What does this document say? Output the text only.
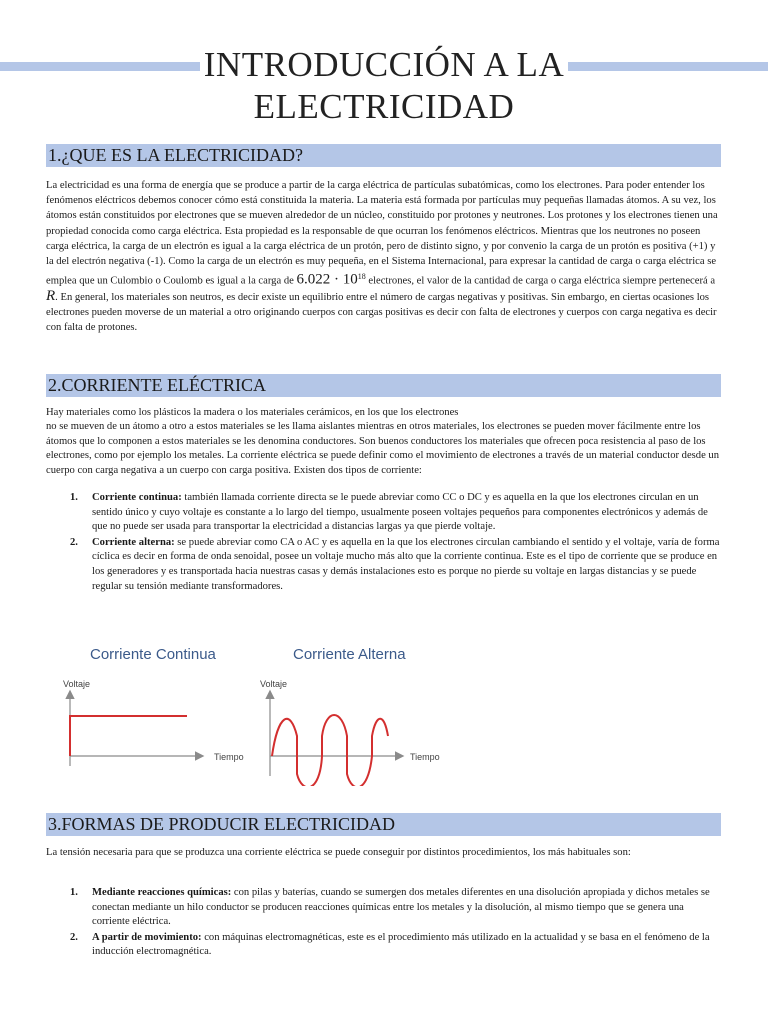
INTRODUCCIÓN A LA
ELECTRICIDAD
1.¿QUE ES LA ELECTRICIDAD?
La electricidad es una forma de energía que se produce a partir de la carga eléctrica de partículas subatómicas, como los electrones. Para poder entender los fenómenos eléctricos debemos conocer cómo está constituida la materia. La materia está formada por partículas muy pequeñas llamadas átomos. A su vez, los átomos están constituidos por electrones que se mueven alrededor de un núcleo, constituido por protones y neutrones. Los protones y los electrones tienen una propiedad conocida como carga eléctrica. Esta propiedad es la responsable de que ocurran los fenómenos eléctricos. Mientras que los neutrones no poseen carga eléctrica, la carga de un electrón es igual a la carga eléctrica de un protón, pero de distinto signo, y por convenio la carga de un protón es positiva (+1) y la del electrón negativa (-1). Como la carga de un electrón es muy pequeña, en el Sistema Internacional, para expresar la cantidad de carga o carga eléctrica se emplea que un Culombio o Coulomb es igual a la carga de $6.022 \cdot 10^{18}$ electrones, el valor de la cantidad de carga o carga eléctrica siempre pertenecerá a R. En general, los materiales son neutros, es decir existe un equilibrio entre el número de cargas negativas y positivas. Sin embargo, en ciertas ocasiones los electrones pueden moverse de un material a otro originando cuerpos con cargas positivas es decir con falta de electrones y cuerpos con carga negativa es decir con falta de protones.
2.CORRIENTE ELÉCTRICA
Hay materiales como los plásticos la madera o los materiales cerámicos, en los que los electrones
no se mueven de un átomo a otro a estos materiales se les llama aislantes mientras en otros materiales, los electrones se pueden mover fácilmente entre los átomos que lo componen a estos materiales se les denomina conductores. Son buenos conductores los materiales que ofrecen poca resistencia al paso de los electrones, como por ejemplo los metales. La corriente eléctrica se puede definir como el movimiento de electrones a través de un material conductor desde un cuerpo con carga negativa a un cuerpo con carga positiva. Existen dos tipos de corriente:
1. Corriente continua: también llamada corriente directa se le puede abreviar como CC o DC y es aquella en la que los electrones circulan en un sentido único y cuyo voltaje es constante a lo largo del tiempo, usualmente poseen voltajes pequeños para componentes electrónicos y además de que no puede ser usada para transportar la electricidad a distancias largas ya que pierde voltaje.
2. Corriente alterna: se puede abreviar como CA o AC y es aquella en la que los electrones circulan cambiando el sentido y el voltaje, varía de forma cíclica es decir en forma de onda senoidal, posee un voltaje mucho más alto que la corriente continua. Este es el tipo de corriente que se produce en los generadores y es transportada hacia nuestras casas y demás instalaciones esto es porque no pierde su voltaje en largas distancias y se puede regular su tensión mediante transformadores.
Corriente Continua	Corriente Alterna
Voltaje
Tiempo
Voltaje
Tiempo
3.FORMAS DE PRODUCIR ELECTRICIDAD
La tensión necesaria para que se produzca una corriente eléctrica se puede conseguir por distintos procedimientos, los más habituales son:
1. Mediante reacciones químicas: con pilas y baterías, cuando se sumergen dos metales diferentes en una disolución apropiada y dichos metales se conectan mediante un hilo conductor se producen reacciones químicas entre los metales y la disolución, al mismo tiempo que se genera una corriente eléctrica.
2. A partir de movimiento: con máquinas electromagnéticas, este es el procedimiento más utilizado en la actualidad y se basa en el fenómeno de la inducción electromagnética.
